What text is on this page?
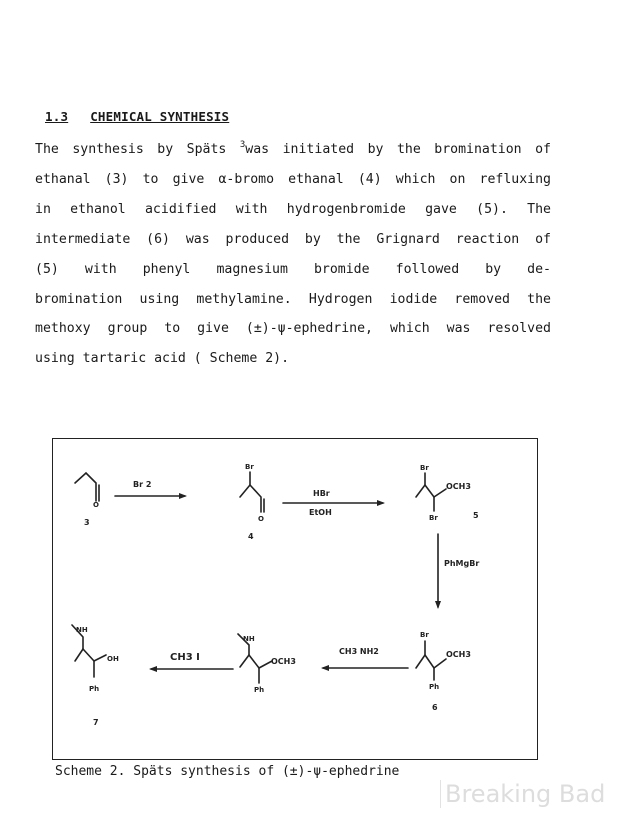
1.3 CHEMICAL SYNTHESIS
The synthesis by Späts $^3$was initiated by the bromination of
ethanal (3) to give α-bromo ethanal (4) which on refluxing
in ethanol acidified with hydrogenbromide gave (5). The
intermediate (6) was produced by the Grignard reaction of
(5) with phenyl magnesium bromide followed by de-
bromination using methylamine. Hydrogen iodide removed the
methoxy group to give (±)-ψ-ephedrine, which was resolved
using tartaric acid ( Scheme 2).
Br 2
HBr
EtOH
PhMgBr
CH3 NH2
CH3 I
O
Br
O
Br
OCH3
Br
Br
OCH3
Ph
NH
OCH3
Ph
NH
OH
Ph
3
4
5
6
7
Scheme 2. Späts synthesis of (±)-ψ-ephedrine
Breaking Bad
